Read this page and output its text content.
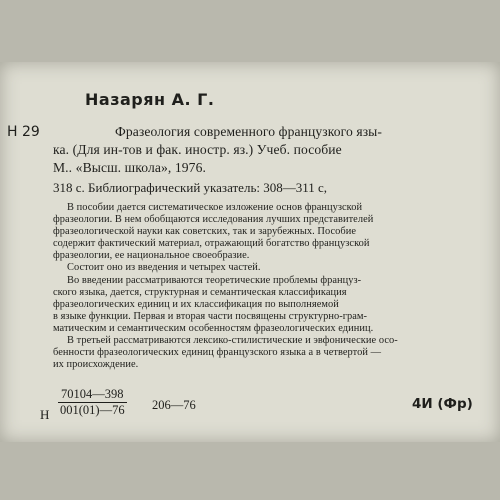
Назарян А. Г.
Н 29	Фразеология современного французкого язы-
ка. (Для ин-тов и фак. иностр. яз.) Учеб. пособие
М.. «Высш. школа», 1976.
318 с. Библиографический указатель: 308—311 с,
В пособии дается систематическое изложение основ французской
фразеологии. В нем обобщаются исследования лучших представителей
фразеологической науки как советских, так и зарубежных. Пособие
содержит фактический материал, отражающий богатство французской
фразеологии, ее национальное своеобразие.
Состоит оно из введения и четырех частей.
Во введении рассматриваются теоретические проблемы француз-
ского языка, дается, структурная и семантическая классификация
фразеологических единиц и их классификация по выполняемой
в языке функции. Первая и вторая части посвящены структурно-грам-
матическим и семантическим особенностям фразеологических единиц.
В третьей рассматриваются лексико-стилистические и эвфонические осо-
бенности фразеологических единиц французского языка а в четвертой —
их происхождение.
Н $\frac{70104—398}{001(01)—76}$ 206—76	4И (Фр)
